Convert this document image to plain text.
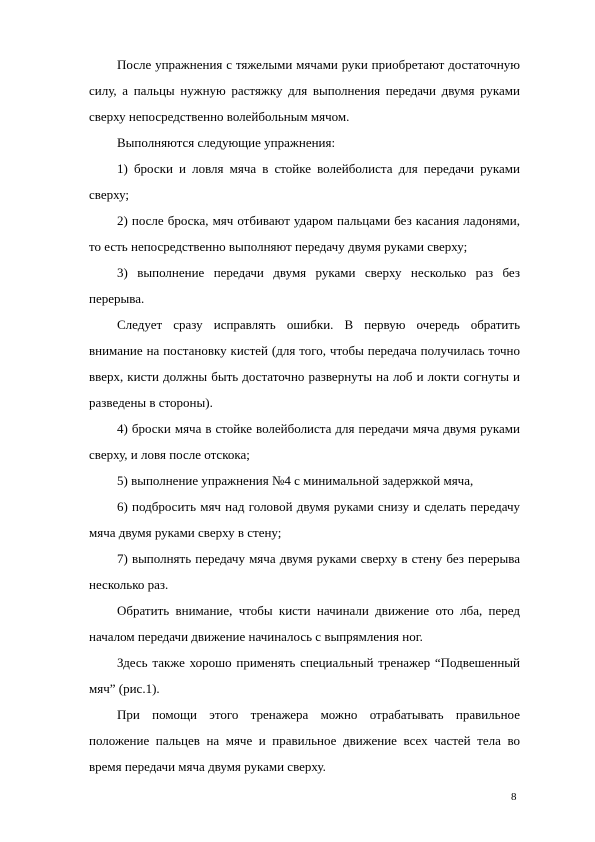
После упражнения с тяжелыми мячами руки приобретают достаточную силу, а пальцы нужную растяжку для выполнения передачи двумя руками сверху непосредственно волейбольным мячом.

Выполняются следующие упражнения:

1) броски и ловля мяча в стойке волейболиста для передачи руками сверху;

2) после броска, мяч отбивают ударом пальцами без касания ладонями, то есть непосредственно выполняют передачу двумя руками сверху;

3) выполнение передачи двумя руками сверху несколько раз без перерыва.

Следует сразу исправлять ошибки. В первую очередь обратить внимание на постановку кистей (для того, чтобы передача получилась точно вверх, кисти должны быть достаточно развернуты на лоб и локти согнуты и разведены в стороны).

4) броски мяча в стойке волейболиста для передачи мяча двумя руками сверху, и ловя после отскока;

5) выполнение упражнения №4 с минимальной задержкой мяча,

6) подбросить мяч над головой двумя руками снизу и сделать передачу мяча двумя руками сверху в стену;

7) выполнять передачу мяча двумя руками сверху в стену без перерыва несколько раз.

Обратить внимание, чтобы кисти начинали движение ото лба, перед началом передачи движение начиналось с выпрямления ног.

Здесь также хорошо применять специальный тренажер “Подвешенный мяч” (рис.1).

При помощи этого тренажера можно отрабатывать правильное положение пальцев на мяче и правильное движение всех частей тела во время передачи мяча двумя руками сверху.

8
